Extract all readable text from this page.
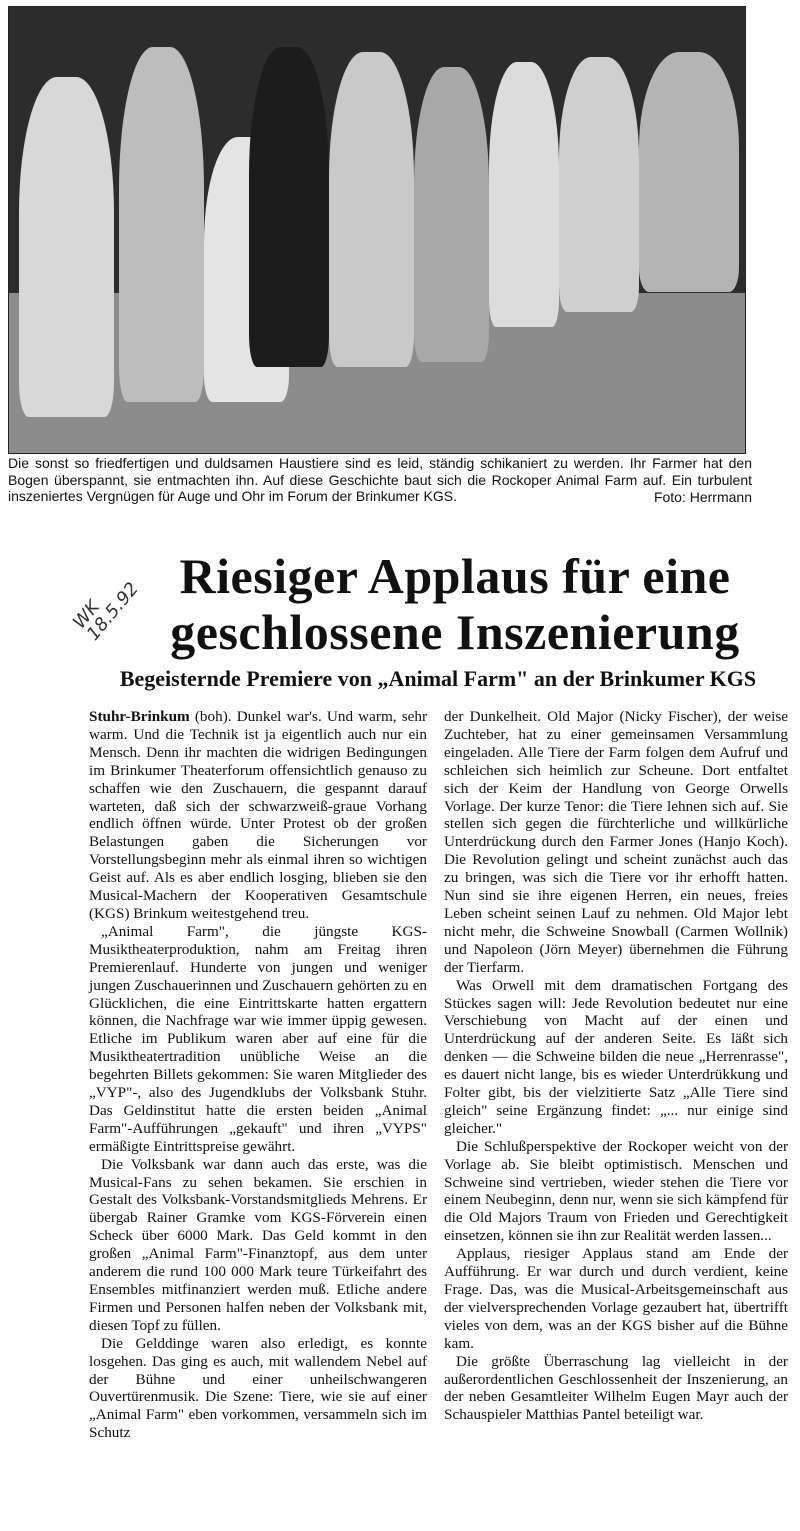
Die sonst so friedfertigen und duldsamen Haustiere sind es leid, ständig schikaniert zu werden. Ihr Farmer hat den Bogen überspannt, sie entmachten ihn. Auf diese Geschichte baut sich die Rockoper Animal Farm auf. Ein turbulent inszeniertes Vergnügen für Auge und Ohr im Forum der Brinkumer KGS.	Foto: Herrmann
WK
18.5.92
Riesiger Applaus für eine
geschlossene Inszenierung
Begeisternde Premiere von „Animal Farm" an der Brinkumer KGS

Stuhr-Brinkum (boh). Dunkel war's. Und warm, sehr warm. Und die Technik ist ja eigentlich auch nur ein Mensch. Denn ihr machten die widrigen Bedingungen im Brinkumer Theaterforum offensichtlich genauso zu schaffen wie den Zuschauern, die gespannt darauf warteten, daß sich der schwarzweiß-graue Vorhang endlich öffnen würde. Unter Protest ob der großen Belastungen gaben die Sicherungen vor Vorstellungsbeginn mehr als einmal ihren so wichtigen Geist auf. Als es aber endlich losging, blieben sie den Musical-Machern der Kooperativen Gesamtschule (KGS) Brinkum weitestgehend treu.

„Animal Farm", die jüngste KGS-Musiktheaterproduktion, nahm am Freitag ihren Premierenlauf. Hunderte von jungen und weniger jungen Zuschauerinnen und Zuschauern gehörten zu en Glücklichen, die eine Eintrittskarte hatten ergattern können, die Nachfrage war wie immer üppig gewesen. Etliche im Publikum waren aber auf eine für die Musiktheatertradition unübliche Weise an die begehrten Billets gekommen: Sie waren Mitglieder des „VYP"-, also des Jugendklubs der Volksbank Stuhr. Das Geldinstitut hatte die ersten beiden „Animal Farm"-Aufführungen „gekauft" und ihren „VYPS" ermäßigte Eintrittspreise gewährt.

Die Volksbank war dann auch das erste, was die Musical-Fans zu sehen bekamen. Sie erschien in Gestalt des Volksbank-Vorstandsmitglieds Mehrens. Er übergab Rainer Gramke vom KGS-Förverein einen Scheck über 6000 Mark. Das Geld kommt in den großen „Animal Farm"-Finanztopf, aus dem unter anderem die rund 100 000 Mark teure Türkeifahrt des Ensembles mitfinanziert werden muß. Etliche andere Firmen und Personen halfen neben der Volksbank mit, diesen Topf zu füllen.

Die Gelddinge waren also erledigt, es konnte losgehen. Das ging es auch, mit wallendem Nebel auf der Bühne und einer unheilschwangeren Ouvertürenmusik. Die Szene: Tiere, wie sie auf einer „Animal Farm" eben vorkommen, versammeln sich im Schutz

der Dunkelheit. Old Major (Nicky Fischer), der weise Zuchteber, hat zu einer gemeinsamen Versammlung eingeladen. Alle Tiere der Farm folgen dem Aufruf und schleichen sich heimlich zur Scheune. Dort entfaltet sich der Keim der Handlung von George Orwells Vorlage. Der kurze Tenor: die Tiere lehnen sich auf. Sie stellen sich gegen die fürchterliche und willkürliche Unterdrückung durch den Farmer Jones (Hanjo Koch). Die Revolution gelingt und scheint zunächst auch das zu bringen, was sich die Tiere vor ihr erhofft hatten. Nun sind sie ihre eigenen Herren, ein neues, freies Leben scheint seinen Lauf zu nehmen. Old Major lebt nicht mehr, die Schweine Snowball (Carmen Wollnik) und Napoleon (Jörn Meyer) übernehmen die Führung der Tierfarm.

Was Orwell mit dem dramatischen Fortgang des Stückes sagen will: Jede Revolution bedeutet nur eine Verschiebung von Macht auf der einen und Unterdrückung auf der anderen Seite. Es läßt sich denken — die Schweine bilden die neue „Herrenrasse", es dauert nicht lange, bis es wieder Unterdrükkung und Folter gibt, bis der vielzitierte Satz „Alle Tiere sind gleich" seine Ergänzung findet: „... nur einige sind gleicher."

Die Schlußperspektive der Rockoper weicht von der Vorlage ab. Sie bleibt optimistisch. Menschen und Schweine sind vertrieben, wieder stehen die Tiere vor einem Neubeginn, denn nur, wenn sie sich kämpfend für die Old Majors Traum von Frieden und Gerechtigkeit einsetzen, können sie ihn zur Realität werden lassen...

Applaus, riesiger Applaus stand am Ende der Aufführung. Er war durch und durch verdient, keine Frage. Das, was die Musical-Arbeitsgemeinschaft aus der vielversprechenden Vorlage gezaubert hat, übertrifft vieles von dem, was an der KGS bisher auf die Bühne kam.

Die größte Überraschung lag vielleicht in der außerordentlichen Geschlossenheit der Inszenierung, an der neben Gesamtleiter Wilhelm Eugen Mayr auch der Schauspieler Matthias Pantel beteiligt war.
